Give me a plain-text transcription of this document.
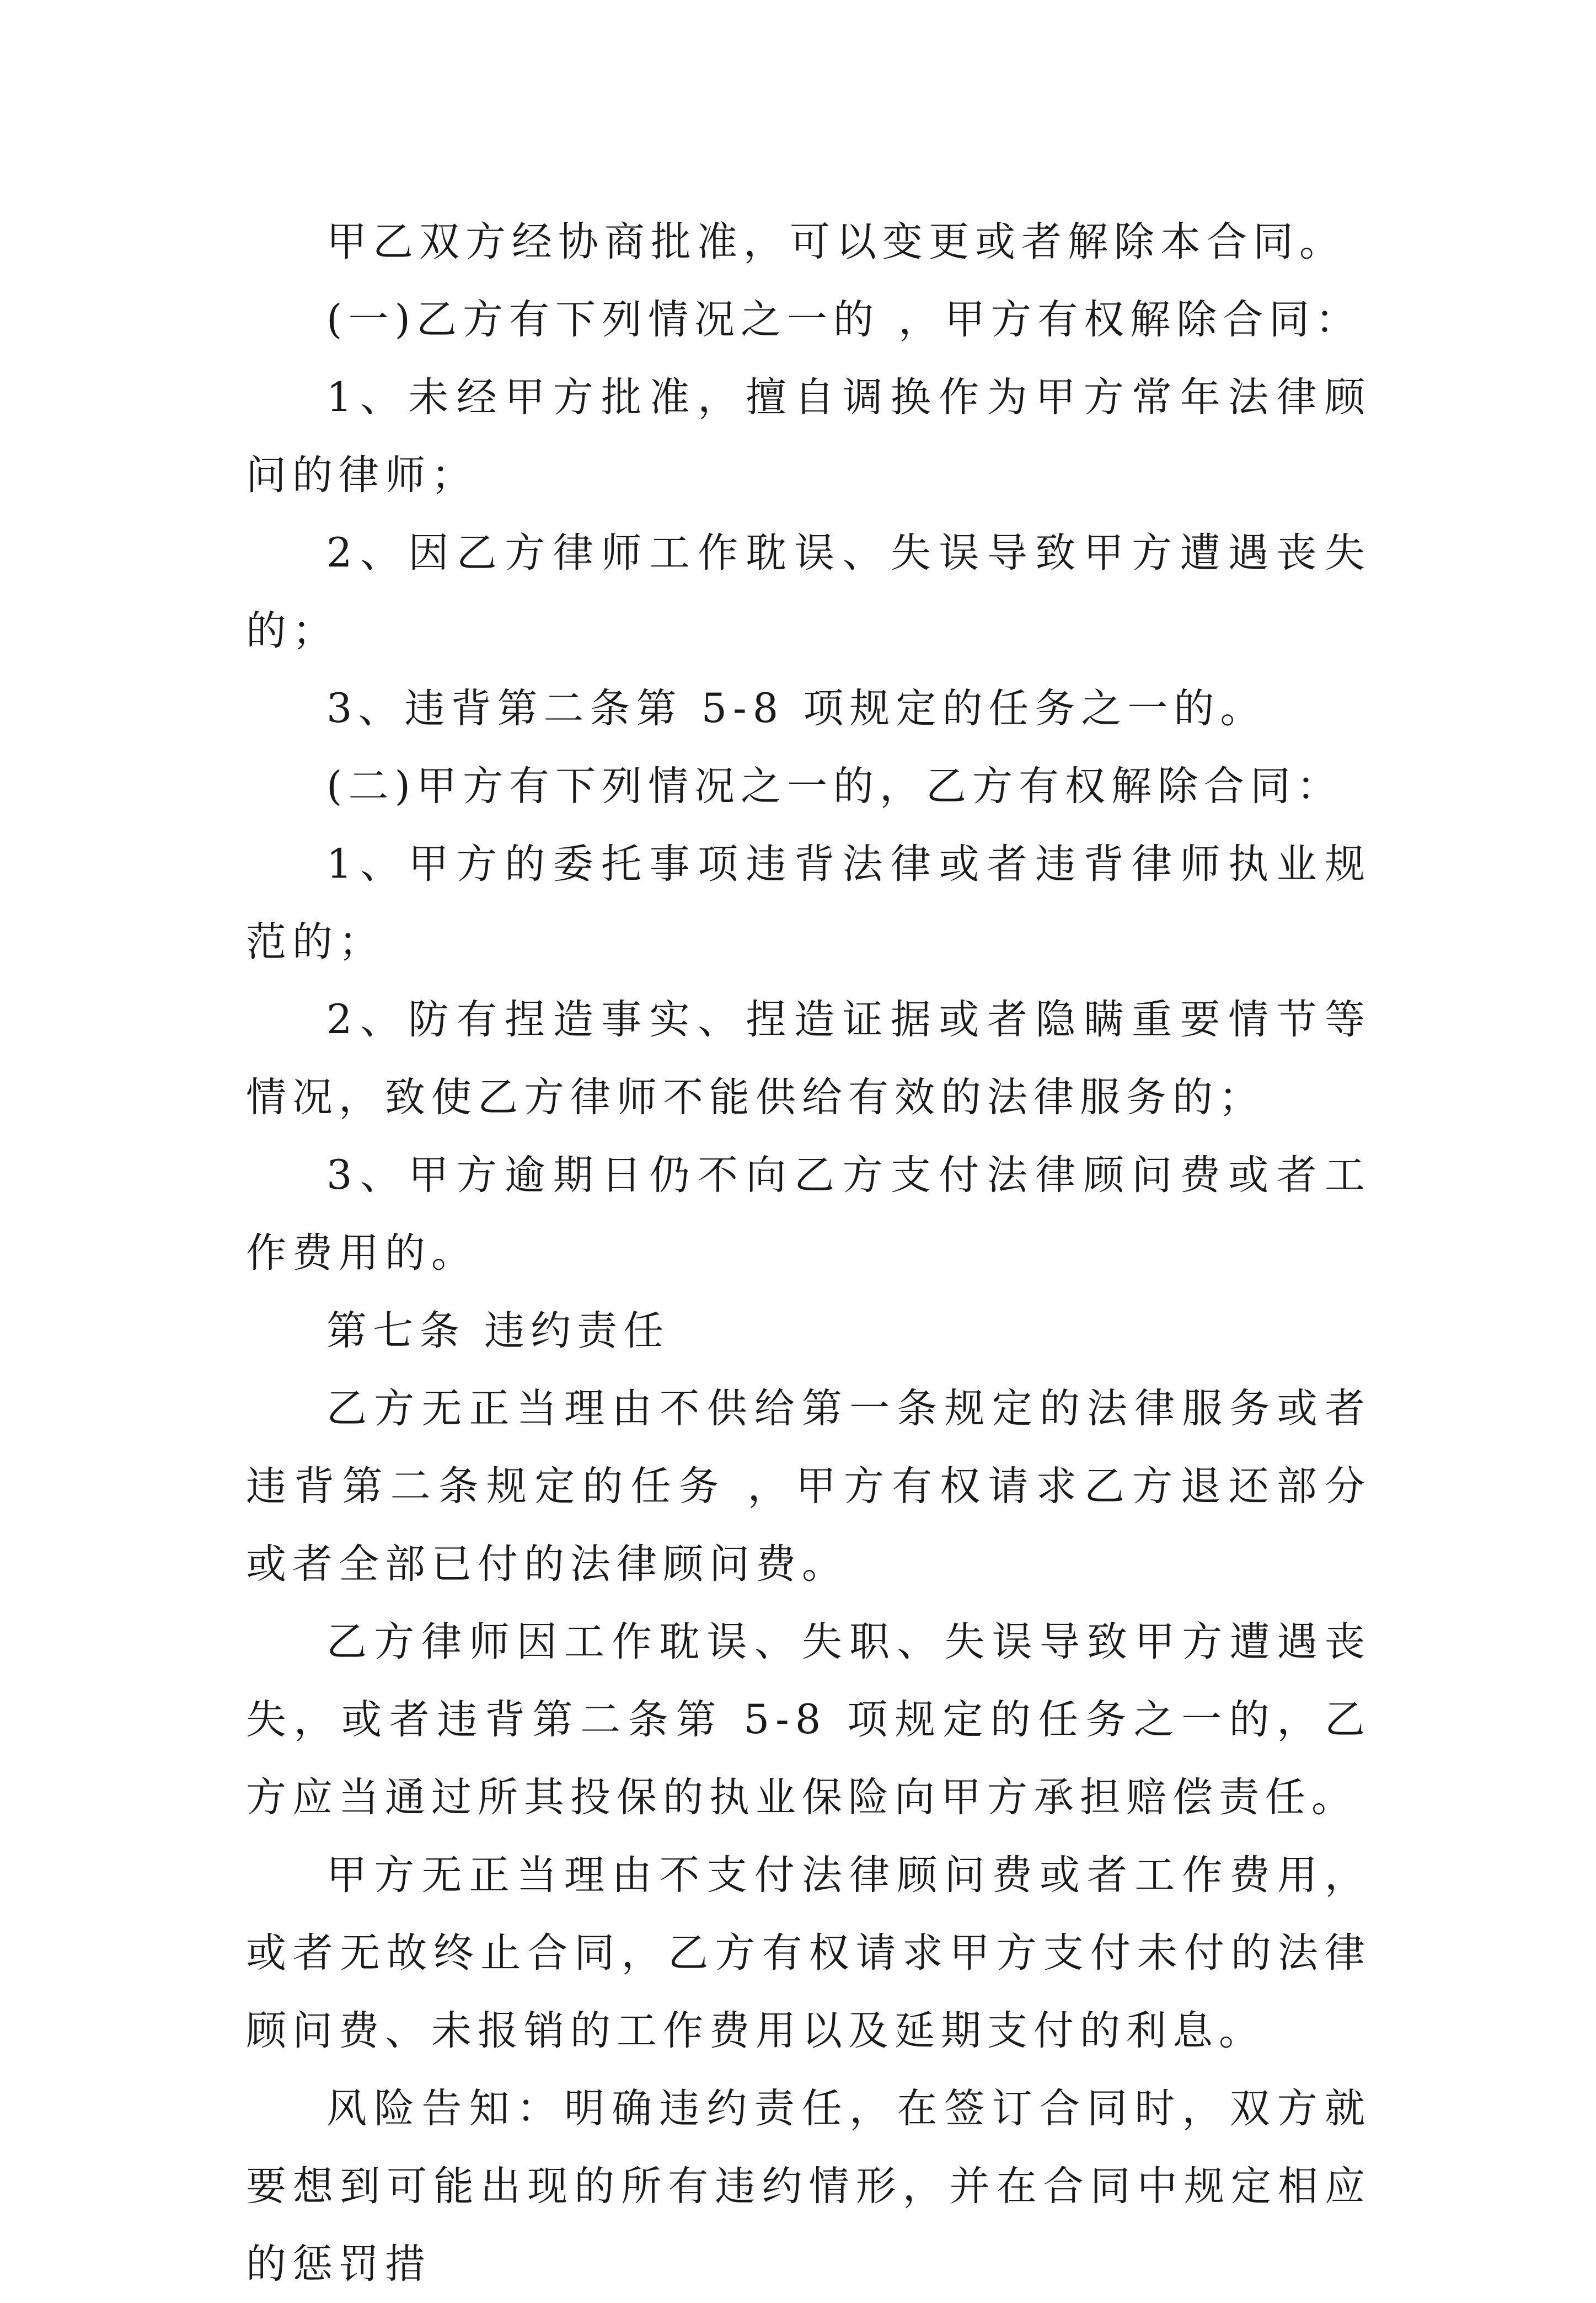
甲乙双方经协商批准，可以变更或者解除本合同。

(一)乙方有下列情况之一的 ，甲方有权解除合同：

1、未经甲方批准，擅自调换作为甲方常年法律顾问的律师；

2、因乙方律师工作耽误、失误导致甲方遭遇丧失的；

3、违背第二条第 5-8 项规定的任务之一的。

(二)甲方有下列情况之一的，乙方有权解除合同：

1、甲方的委托事项违背法律或者违背律师执业规范的；

2、防有捏造事实、捏造证据或者隐瞒重要情节等情况，致使乙方律师不能供给有效的法律服务的；

3、甲方逾期日仍不向乙方支付法律顾问费或者工作费用的。

第七条 违约责任

乙方无正当理由不供给第一条规定的法律服务或者违背第二条规定的任务 ，甲方有权请求乙方退还部分或者全部已付的法律顾问费。

乙方律师因工作耽误、失职、失误导致甲方遭遇丧失，或者违背第二条第 5-8 项规定的任务之一的，乙方应当通过所其投保的执业保险向甲方承担赔偿责任。

甲方无正当理由不支付法律顾问费或者工作费用，或者无故终止合同，乙方有权请求甲方支付未付的法律顾问费、未报销的工作费用以及延期支付的利息。

风险告知：明确违约责任，在签订合同时，双方就要想到可能出现的所有违约情形，并在合同中规定相应的惩罚措
